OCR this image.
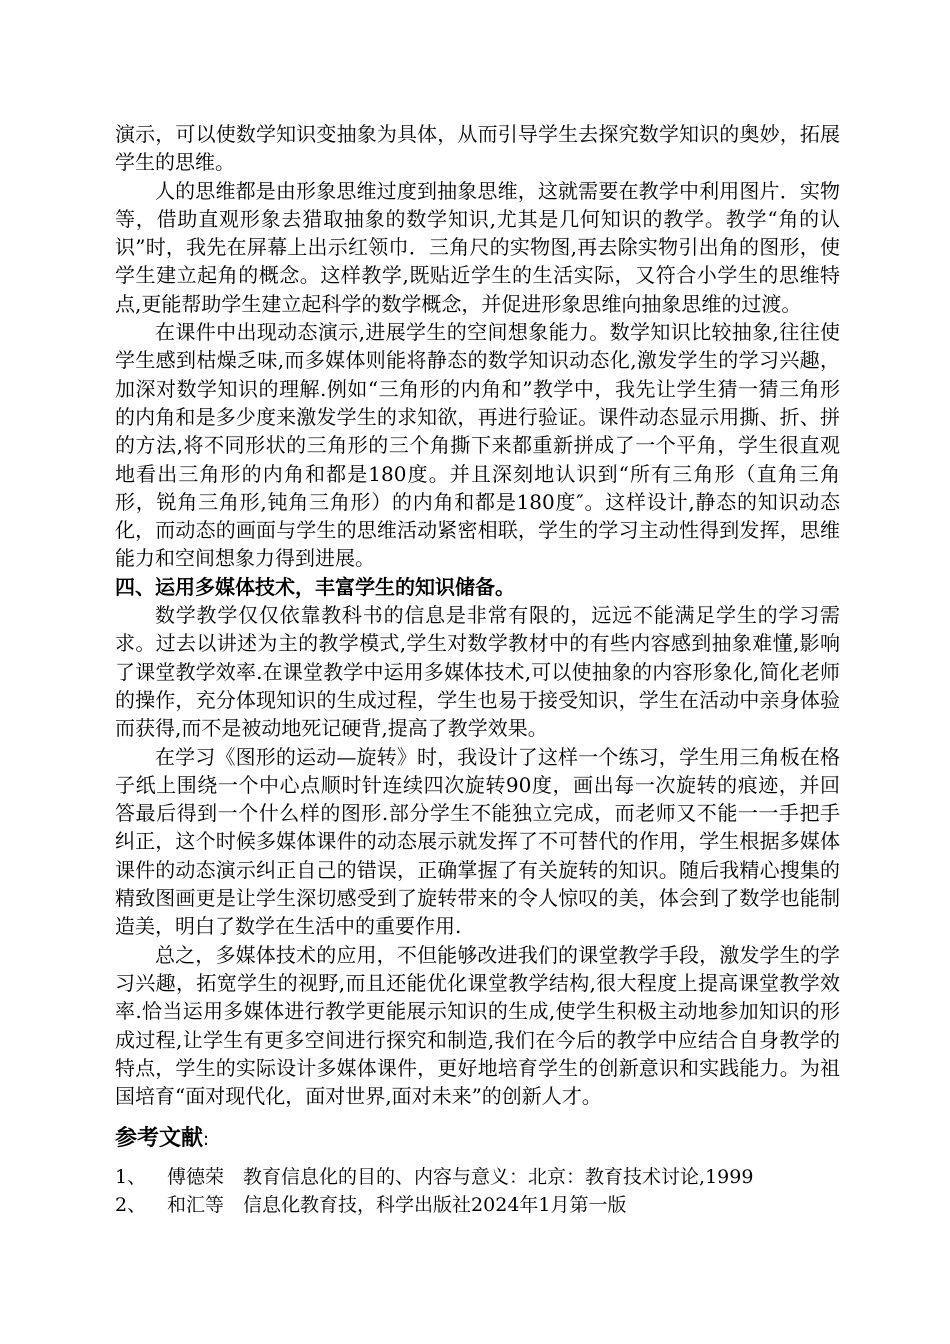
演示，可以使数学知识变抽象为具体，从而引导学生去探究数学知识的奥妙，拓展学生的思维。

人的思维都是由形象思维过度到抽象思维，这就需要在教学中利用图片．实物等，借助直观形象去猎取抽象的数学知识,尤其是几何知识的教学。教学“角的认识”时，我先在屏幕上出示红领巾．三角尺的实物图,再去除实物引出角的图形，使学生建立起角的概念。这样教学,既贴近学生的生活实际，又符合小学生的思维特点,更能帮助学生建立起科学的数学概念，并促进形象思维向抽象思维的过渡。

在课件中出现动态演示,进展学生的空间想象能力。数学知识比较抽象,往往使学生感到枯燥乏味,而多媒体则能将静态的数学知识动态化,激发学生的学习兴趣，加深对数学知识的理解.例如“三角形的内角和”教学中，我先让学生猜一猜三角形的内角和是多少度来激发学生的求知欲，再进行验证。课件动态显示用撕、折、拼的方法,将不同形状的三角形的三个角撕下来都重新拼成了一个平角，学生很直观地看出三角形的内角和都是180度。并且深刻地认识到“所有三角形（直角三角形，锐角三角形,钝角三角形）的内角和都是180度″。这样设计,静态的知识动态化，而动态的画面与学生的思维活动紧密相联，学生的学习主动性得到发挥，思维能力和空间想象力得到进展。

四、运用多媒体技术，丰富学生的知识储备。

数学教学仅仅依靠教科书的信息是非常有限的，远远不能满足学生的学习需求。过去以讲述为主的教学模式,学生对数学教材中的有些内容感到抽象难懂,影响了课堂教学效率.在课堂教学中运用多媒体技术,可以使抽象的内容形象化,简化老师的操作，充分体现知识的生成过程，学生也易于接受知识，学生在活动中亲身体验而获得,而不是被动地死记硬背,提高了教学效果。

在学习《图形的运动—旋转》时，我设计了这样一个练习，学生用三角板在格子纸上围绕一个中心点顺时针连续四次旋转90度，画出每一次旋转的痕迹，并回答最后得到一个什么样的图形.部分学生不能独立完成，而老师又不能一一手把手纠正，这个时候多媒体课件的动态展示就发挥了不可替代的作用，学生根据多媒体课件的动态演示纠正自己的错误，正确掌握了有关旋转的知识。随后我精心搜集的精致图画更是让学生深切感受到了旋转带来的令人惊叹的美，体会到了数学也能制造美，明白了数学在生活中的重要作用.

总之，多媒体技术的应用，不但能够改进我们的课堂教学手段，激发学生的学习兴趣，拓宽学生的视野,而且还能优化课堂教学结构,很大程度上提高课堂教学效率.恰当运用多媒体进行教学更能展示知识的生成,使学生积极主动地参加知识的形成过程,让学生有更多空间进行探究和制造,我们在今后的教学中应结合自身教学的特点，学生的实际设计多媒体课件，更好地培育学生的创新意识和实践能力。为祖国培育“面对现代化，面对世界,面对未来”的创新人才。

参考文献:

1、 傅德荣 教育信息化的目的、内容与意义：北京：教育技术讨论,1999

2、 和汇等 信息化教育技，科学出版社2024年1月第一版
